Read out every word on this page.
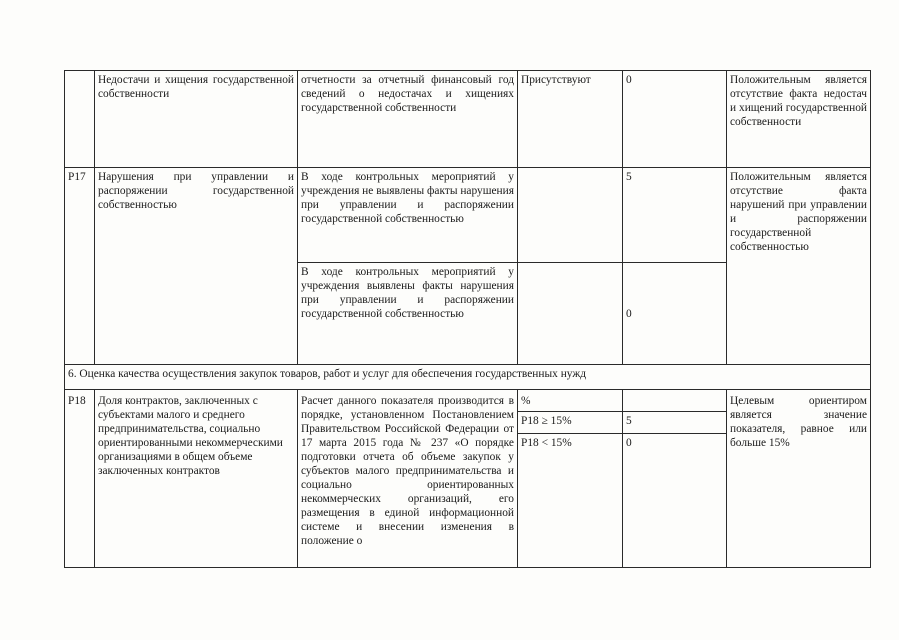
	Недостачи и хищения государственной собственности	отчетности за отчетный финансовый год сведений о недостачах и хищениях государственной собственности	Присутствуют	0	Положительным является отсутствие факта недостач и хищений государственной собственности
Р17	Нарушения при управлении и распоряжении государственной собственностью	В ходе контрольных мероприятий у учреждения не выявлены факты нарушения при управлении и распоряжении государственной собственностью		5	Положительным является отсутствие факта нарушений при управлении и распоряжении государственной собственностью
		В ходе контрольных мероприятий у учреждения выявлены факты нарушения при управлении и распоряжении государственной собственностью		0	
6. Оценка качества осуществления закупок товаров, работ и услуг для обеспечения государственных нужд					
Р18	Доля контрактов, заключенных с субъектами малого и среднего предпринимательства, социально ориентированными некоммерческими организациями в общем объеме заключенных контрактов	Расчет данного показателя производится в порядке, установленном Постановлением Правительством Российской Федерации от 17 марта 2015 года № 237 «О порядке подготовки отчета об объеме закупок у субъектов малого предпринимательства и социально ориентированных некоммерческих организаций, его размещения в единой информационной системе и внесении изменения в положение о	%		Целевым ориентиром является значение показателя, равное или больше 15%
			Р18 ≥ 15%	5	
			Р18 < 15%	0	
